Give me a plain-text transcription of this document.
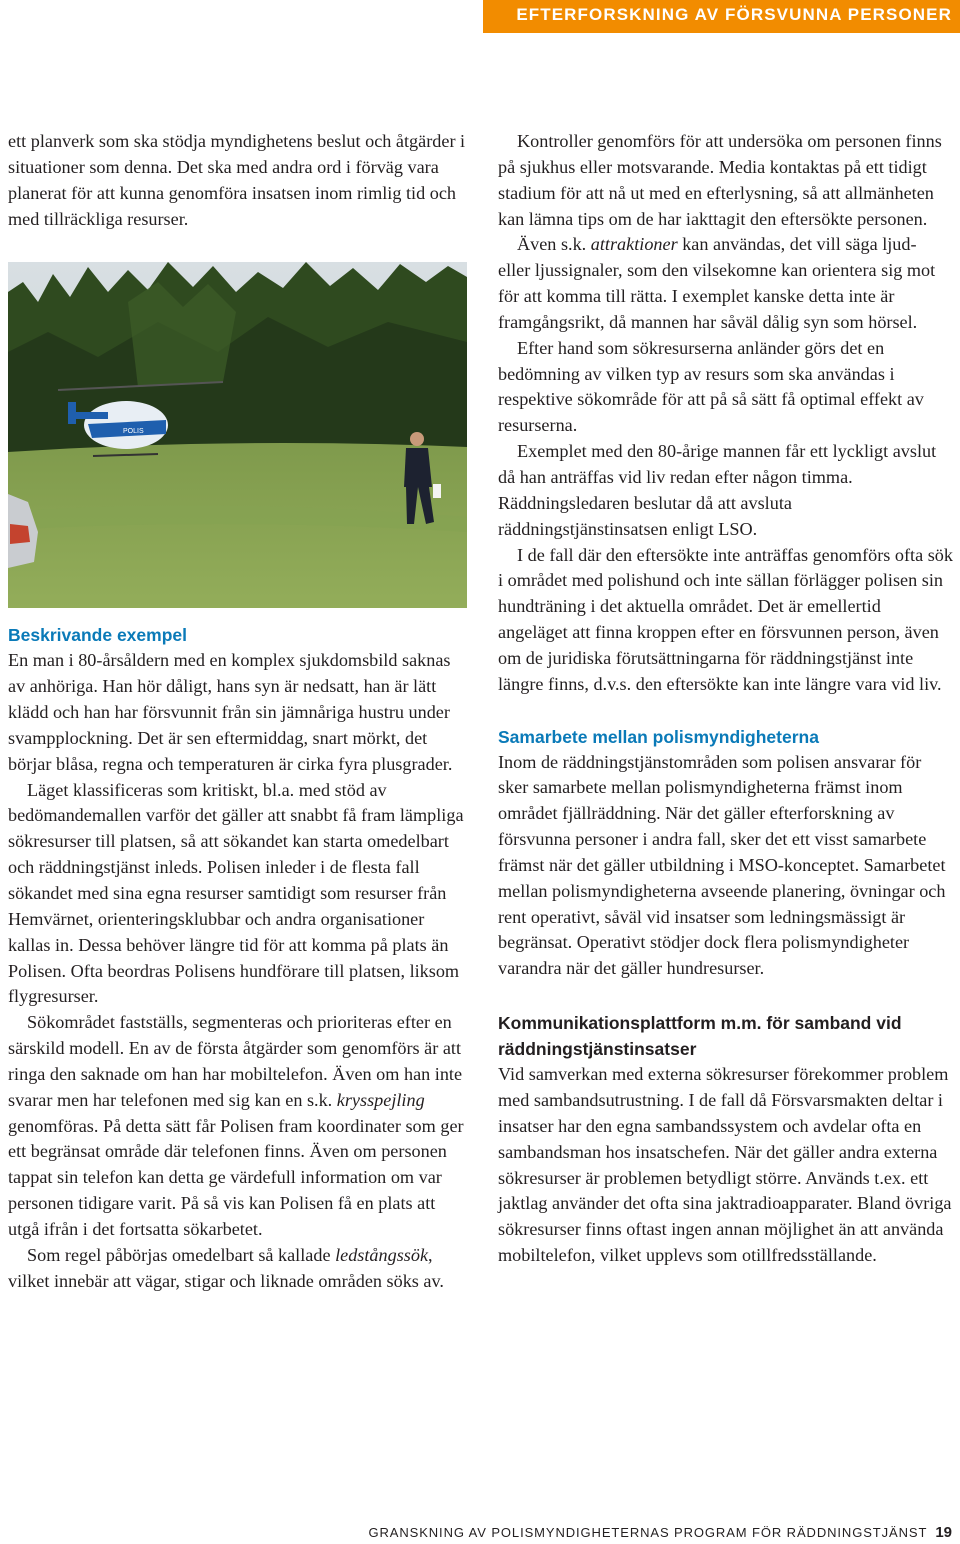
EFTERFORSKNING AV FÖRSVUNNA PERSONER

ett planverk som ska stödja myndighetens beslut och åtgärder i situationer som denna. Det ska med andra ord i förväg vara planerat för att kunna genomföra insatsen inom rimlig tid och med tillräckliga resurser.

POLIS
Beskrivande exempel

En man i 80-årsåldern med en komplex sjukdomsbild saknas av anhöriga. Han hör dåligt, hans syn är nedsatt, han är lätt klädd och han har försvunnit från sin jämnåriga hustru under svampplockning. Det är sen eftermiddag, snart mörkt, det börjar blåsa, regna och temperaturen är cirka fyra plusgrader.

Läget klassificeras som kritiskt, bl.a. med stöd av bedömandemallen varför det gäller att snabbt få fram lämpliga sökresurser till platsen, så att sökandet kan starta omedelbart och räddningstjänst inleds. Polisen inleder i de flesta fall sökandet med sina egna resurser samtidigt som resurser från Hemvärnet, orienteringsklubbar och andra organisationer kallas in. Dessa behöver längre tid för att komma på plats än Polisen. Ofta beordras Polisens hundförare till platsen, liksom flygresurser.

Sökområdet fastställs, segmenteras och prioriteras efter en särskild modell. En av de första åtgärder som genomförs är att ringa den saknade om han har mobiltelefon. Även om han inte svarar men har telefonen med sig kan en s.k. krysspejling genomföras. På detta sätt får Polisen fram koordinater som ger ett begränsat område där telefonen finns. Även om personen tappat sin telefon kan detta ge värdefull information om var personen tidigare varit. På så vis kan Polisen få en plats att utgå ifrån i det fortsatta sökarbetet.

Som regel påbörjas omedelbart så kallade ledstångssök, vilket innebär att vägar, stigar och liknade områden söks av.

Kontroller genomförs för att undersöka om personen finns på sjukhus eller motsvarande. Media kontaktas på ett tidigt stadium för att nå ut med en efterlysning, så att allmänheten kan lämna tips om de har iakttagit den eftersökte personen.

Även s.k. attraktioner kan användas, det vill säga ljud- eller ljussignaler, som den vilsekomne kan orientera sig mot för att komma till rätta. I exemplet kanske detta inte är framgångsrikt, då mannen har såväl dålig syn som hörsel.

Efter hand som sökresurserna anländer görs det en bedömning av vilken typ av resurs som ska användas i respektive sökområde för att på så sätt få optimal effekt av resurserna.

Exemplet med den 80-årige mannen får ett lyckligt avslut då han anträffas vid liv redan efter någon timma. Räddningsledaren beslutar då att avsluta räddningstjänstinsatsen enligt LSO.

I de fall där den eftersökte inte anträffas genomförs ofta sök i området med polishund och inte sällan förlägger polisen sin hundträning i det aktuella området. Det är emellertid angeläget att finna kroppen efter en försvunnen person, även om de juridiska förutsättningarna för räddningstjänst inte längre finns, d.v.s. den eftersökte kan inte längre vara vid liv.

Samarbete mellan polismyndigheterna

Inom de räddningstjänstområden som polisen ansvarar för sker samarbete mellan polismyndigheterna främst inom området fjällräddning. När det gäller efterforskning av försvunna personer i andra fall, sker det ett visst samarbete främst när det gäller utbildning i MSO-konceptet. Samarbetet mellan polismyndigheterna avseende planering, övningar och rent operativt, såväl vid insatser som ledningsmässigt är begränsat. Operativt stödjer dock flera polismyndigheter varandra när det gäller hundresurser.

Kommunikationsplattform m.m. för samband vid räddningstjänstinsatser

Vid samverkan med externa sökresurser förekommer problem med sambandsutrustning. I de fall då Försvarsmakten deltar i insatser har den egna sambandssystem och avdelar ofta en sambandsman hos insatschefen. När det gäller andra externa sökresurser är problemen betydligt större. Används t.ex. ett jaktlag använder det ofta sina jaktradioapparater. Bland övriga sökresurser finns oftast ingen annan möjlighet än att använda mobiltelefon, vilket upplevs som otillfredsställande.

GRANSKNING AV POLISMYNDIGHETERNAS PROGRAM FÖR RÄDDNINGSTJÄNST 19
